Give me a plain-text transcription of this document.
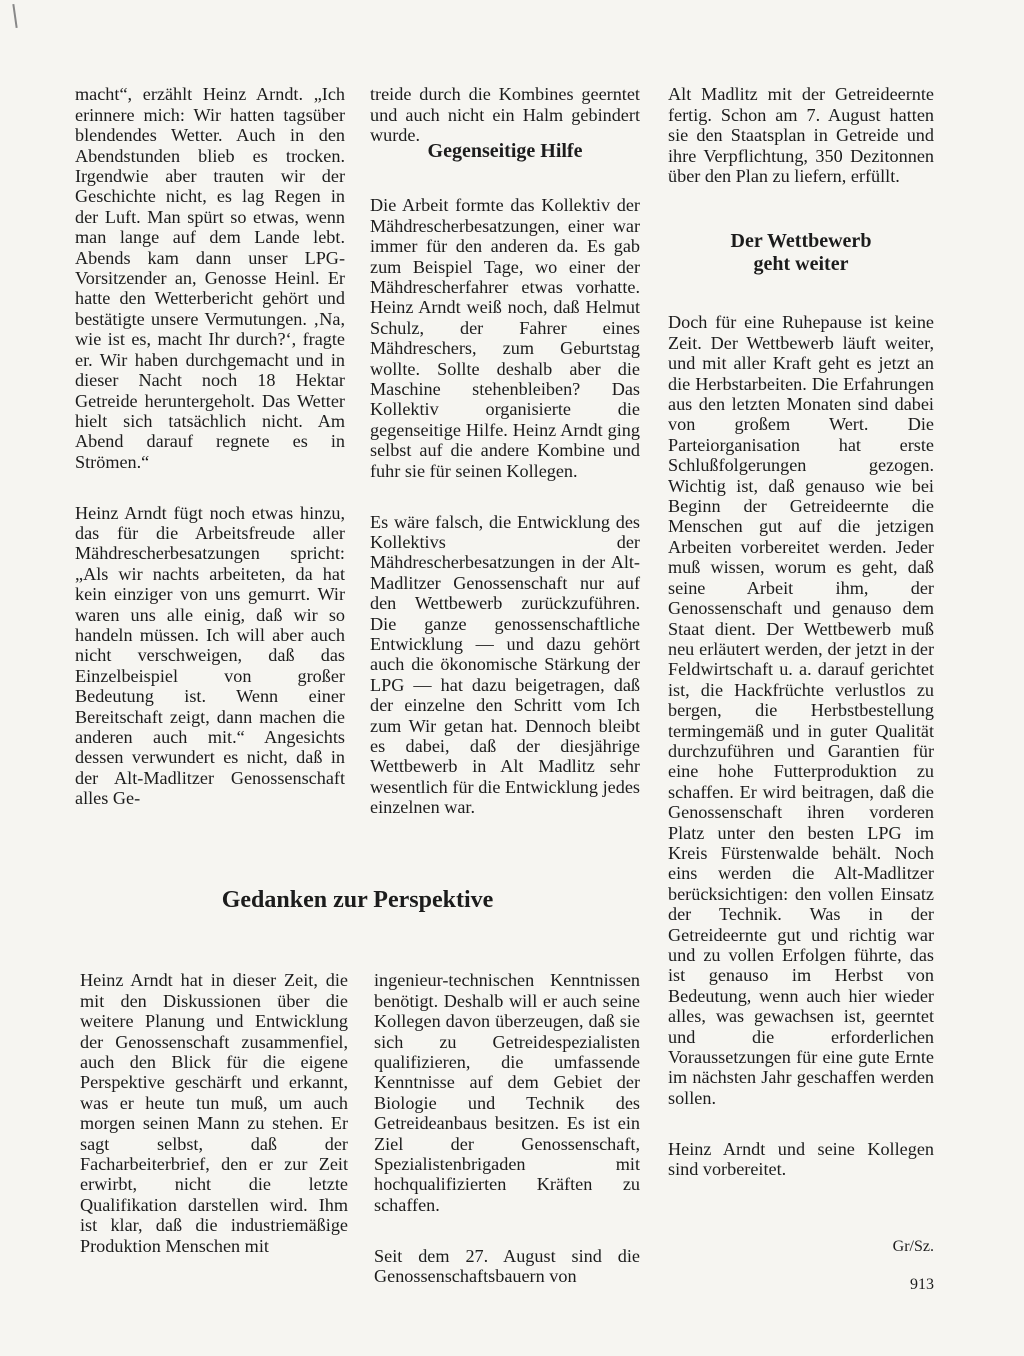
macht“, erzählt Heinz Arndt. „Ich erinnere mich: Wir hatten tagsüber blendendes Wetter. Auch in den Abendstunden blieb es trocken. Irgendwie aber trauten wir der Geschichte nicht, es lag Regen in der Luft. Man spürt so etwas, wenn man lange auf dem Lande lebt. Abends kam dann unser LPG-Vorsitzender an, Genosse Heinl. Er hatte den Wetterbericht gehört und bestätigte unsere Vermutungen. ‚Na, wie ist es, macht Ihr durch?‘, fragte er. Wir haben durchgemacht und in dieser Nacht noch 18 Hektar Getreide heruntergeholt. Das Wetter hielt sich tatsächlich nicht. Am Abend darauf regnete es in Strömen.“

Heinz Arndt fügt noch etwas hinzu, das für die Arbeitsfreude aller Mähdrescherbesatzungen spricht: „Als wir nachts arbeiteten, da hat kein einziger von uns gemurrt. Wir waren uns alle einig, daß wir so handeln müssen. Ich will aber auch nicht verschweigen, daß das Einzelbeispiel von großer Bedeutung ist. Wenn einer Bereitschaft zeigt, dann machen die anderen auch mit.“ Angesichts dessen verwundert es nicht, daß in der Alt-Madlitzer Genossenschaft alles Ge-

treide durch die Kombines geerntet und auch nicht ein Halm gebindert wurde.

Gegenseitige Hilfe

Die Arbeit formte das Kollektiv der Mähdrescherbesatzungen, einer war immer für den anderen da. Es gab zum Beispiel Tage, wo einer der Mähdrescherfahrer etwas vorhatte. Heinz Arndt weiß noch, daß Helmut Schulz, der Fahrer eines Mähdreschers, zum Geburtstag wollte. Sollte deshalb aber die Maschine stehenbleiben? Das Kollektiv organisierte die gegenseitige Hilfe. Heinz Arndt ging selbst auf die andere Kombine und fuhr sie für seinen Kollegen.

Es wäre falsch, die Entwicklung des Kollektivs der Mähdrescherbesatzungen in der Alt-Madlitzer Genossenschaft nur auf den Wettbewerb zurückzuführen. Die ganze genossenschaftliche Entwicklung — und dazu gehört auch die ökonomische Stärkung der LPG — hat dazu beigetragen, daß der einzelne den Schritt vom Ich zum Wir getan hat. Dennoch bleibt es dabei, daß der diesjährige Wettbewerb in Alt Madlitz sehr wesentlich für die Entwicklung jedes einzelnen war.

Gedanken zur Perspektive

Heinz Arndt hat in dieser Zeit, die mit den Diskussionen über die weitere Planung und Entwicklung der Genossenschaft zusammenfiel, auch den Blick für die eigene Perspektive geschärft und erkannt, was er heute tun muß, um auch morgen seinen Mann zu stehen. Er sagt selbst, daß der Facharbeiterbrief, den er zur Zeit erwirbt, nicht die letzte Qualifikation darstellen wird. Ihm ist klar, daß die industriemäßige Produktion Menschen mit

ingenieur-technischen Kenntnissen benötigt. Deshalb will er auch seine Kollegen davon überzeugen, daß sie sich zu Getreidespezialisten qualifizieren, die umfassende Kenntnisse auf dem Gebiet der Biologie und Technik des Getreideanbaus besitzen. Es ist ein Ziel der Genossenschaft, Spezialistenbrigaden mit hochqualifizierten Kräften zu schaffen.

Seit dem 27. August sind die Genossenschaftsbauern von

Alt Madlitz mit der Getreideernte fertig. Schon am 7. August hatten sie den Staatsplan in Getreide und ihre Verpflichtung, 350 Dezitonnen über den Plan zu liefern, erfüllt.

Der Wettbewerb
geht weiter

Doch für eine Ruhepause ist keine Zeit. Der Wettbewerb läuft weiter, und mit aller Kraft geht es jetzt an die Herbstarbeiten. Die Erfahrungen aus den letzten Monaten sind dabei von großem Wert. Die Parteiorganisation hat erste Schlußfolgerungen gezogen. Wichtig ist, daß genauso wie bei Beginn der Getreideernte die Menschen gut auf die jetzigen Arbeiten vorbereitet werden. Jeder muß wissen, worum es geht, daß seine Arbeit ihm, der Genossenschaft und genauso dem Staat dient. Der Wettbewerb muß neu erläutert werden, der jetzt in der Feldwirtschaft u. a. darauf gerichtet ist, die Hackfrüchte verlustlos zu bergen, die Herbstbestellung termingemäß und in guter Qualität durchzuführen und Garantien für eine hohe Futterproduktion zu schaffen. Er wird beitragen, daß die Genossenschaft ihren vorderen Platz unter den besten LPG im Kreis Fürstenwalde behält. Noch eins werden die Alt-Madlitzer berücksichtigen: den vollen Einsatz der Technik. Was in der Getreideernte gut und richtig war und zu vollen Erfolgen führte, das ist genauso im Herbst von Bedeutung, wenn auch hier wieder alles, was gewachsen ist, geerntet und die erforderlichen Voraussetzungen für eine gute Ernte im nächsten Jahr geschaffen werden sollen.

Heinz Arndt und seine Kollegen sind vorbereitet.

Gr/Sz.
913
